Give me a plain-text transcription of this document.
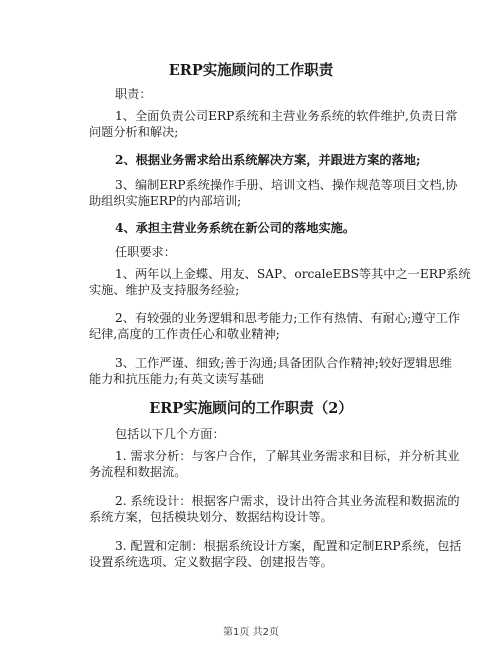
ERP实施顾问的工作职责

职责：

1、全面负责公司ERP系统和主营业务系统的软件维护,负责日常
问题分析和解决;

2、根据业务需求给出系统解决方案，并跟进方案的落地;

3、编制ERP系统操作手册、培训文档、操作规范等项目文档,协
助组织实施ERP的内部培训;

4、承担主营业务系统在新公司的落地实施。

任职要求：

1、两年以上金蝶、用友、SAP、orcaleEBS等其中之一ERP系统
实施、维护及支持服务经验;

2、有较强的业务逻辑和思考能力;工作有热情、有耐心;遵守工作
纪律,高度的工作责任心和敬业精神;

3、工作严谨、细致;善于沟通;具备团队合作精神;较好逻辑思维
能力和抗压能力;有英文读写基础

ERP实施顾问的工作职责（2）

包括以下几个方面：

1. 需求分析：与客户合作，了解其业务需求和目标，并分析其业
务流程和数据流。

2. 系统设计：根据客户需求，设计出符合其业务流程和数据流的
系统方案，包括模块划分、数据结构设计等。

3. 配置和定制：根据系统设计方案，配置和定制ERP系统，包括
设置系统选项、定义数据字段、创建报告等。

第1页 共2页
